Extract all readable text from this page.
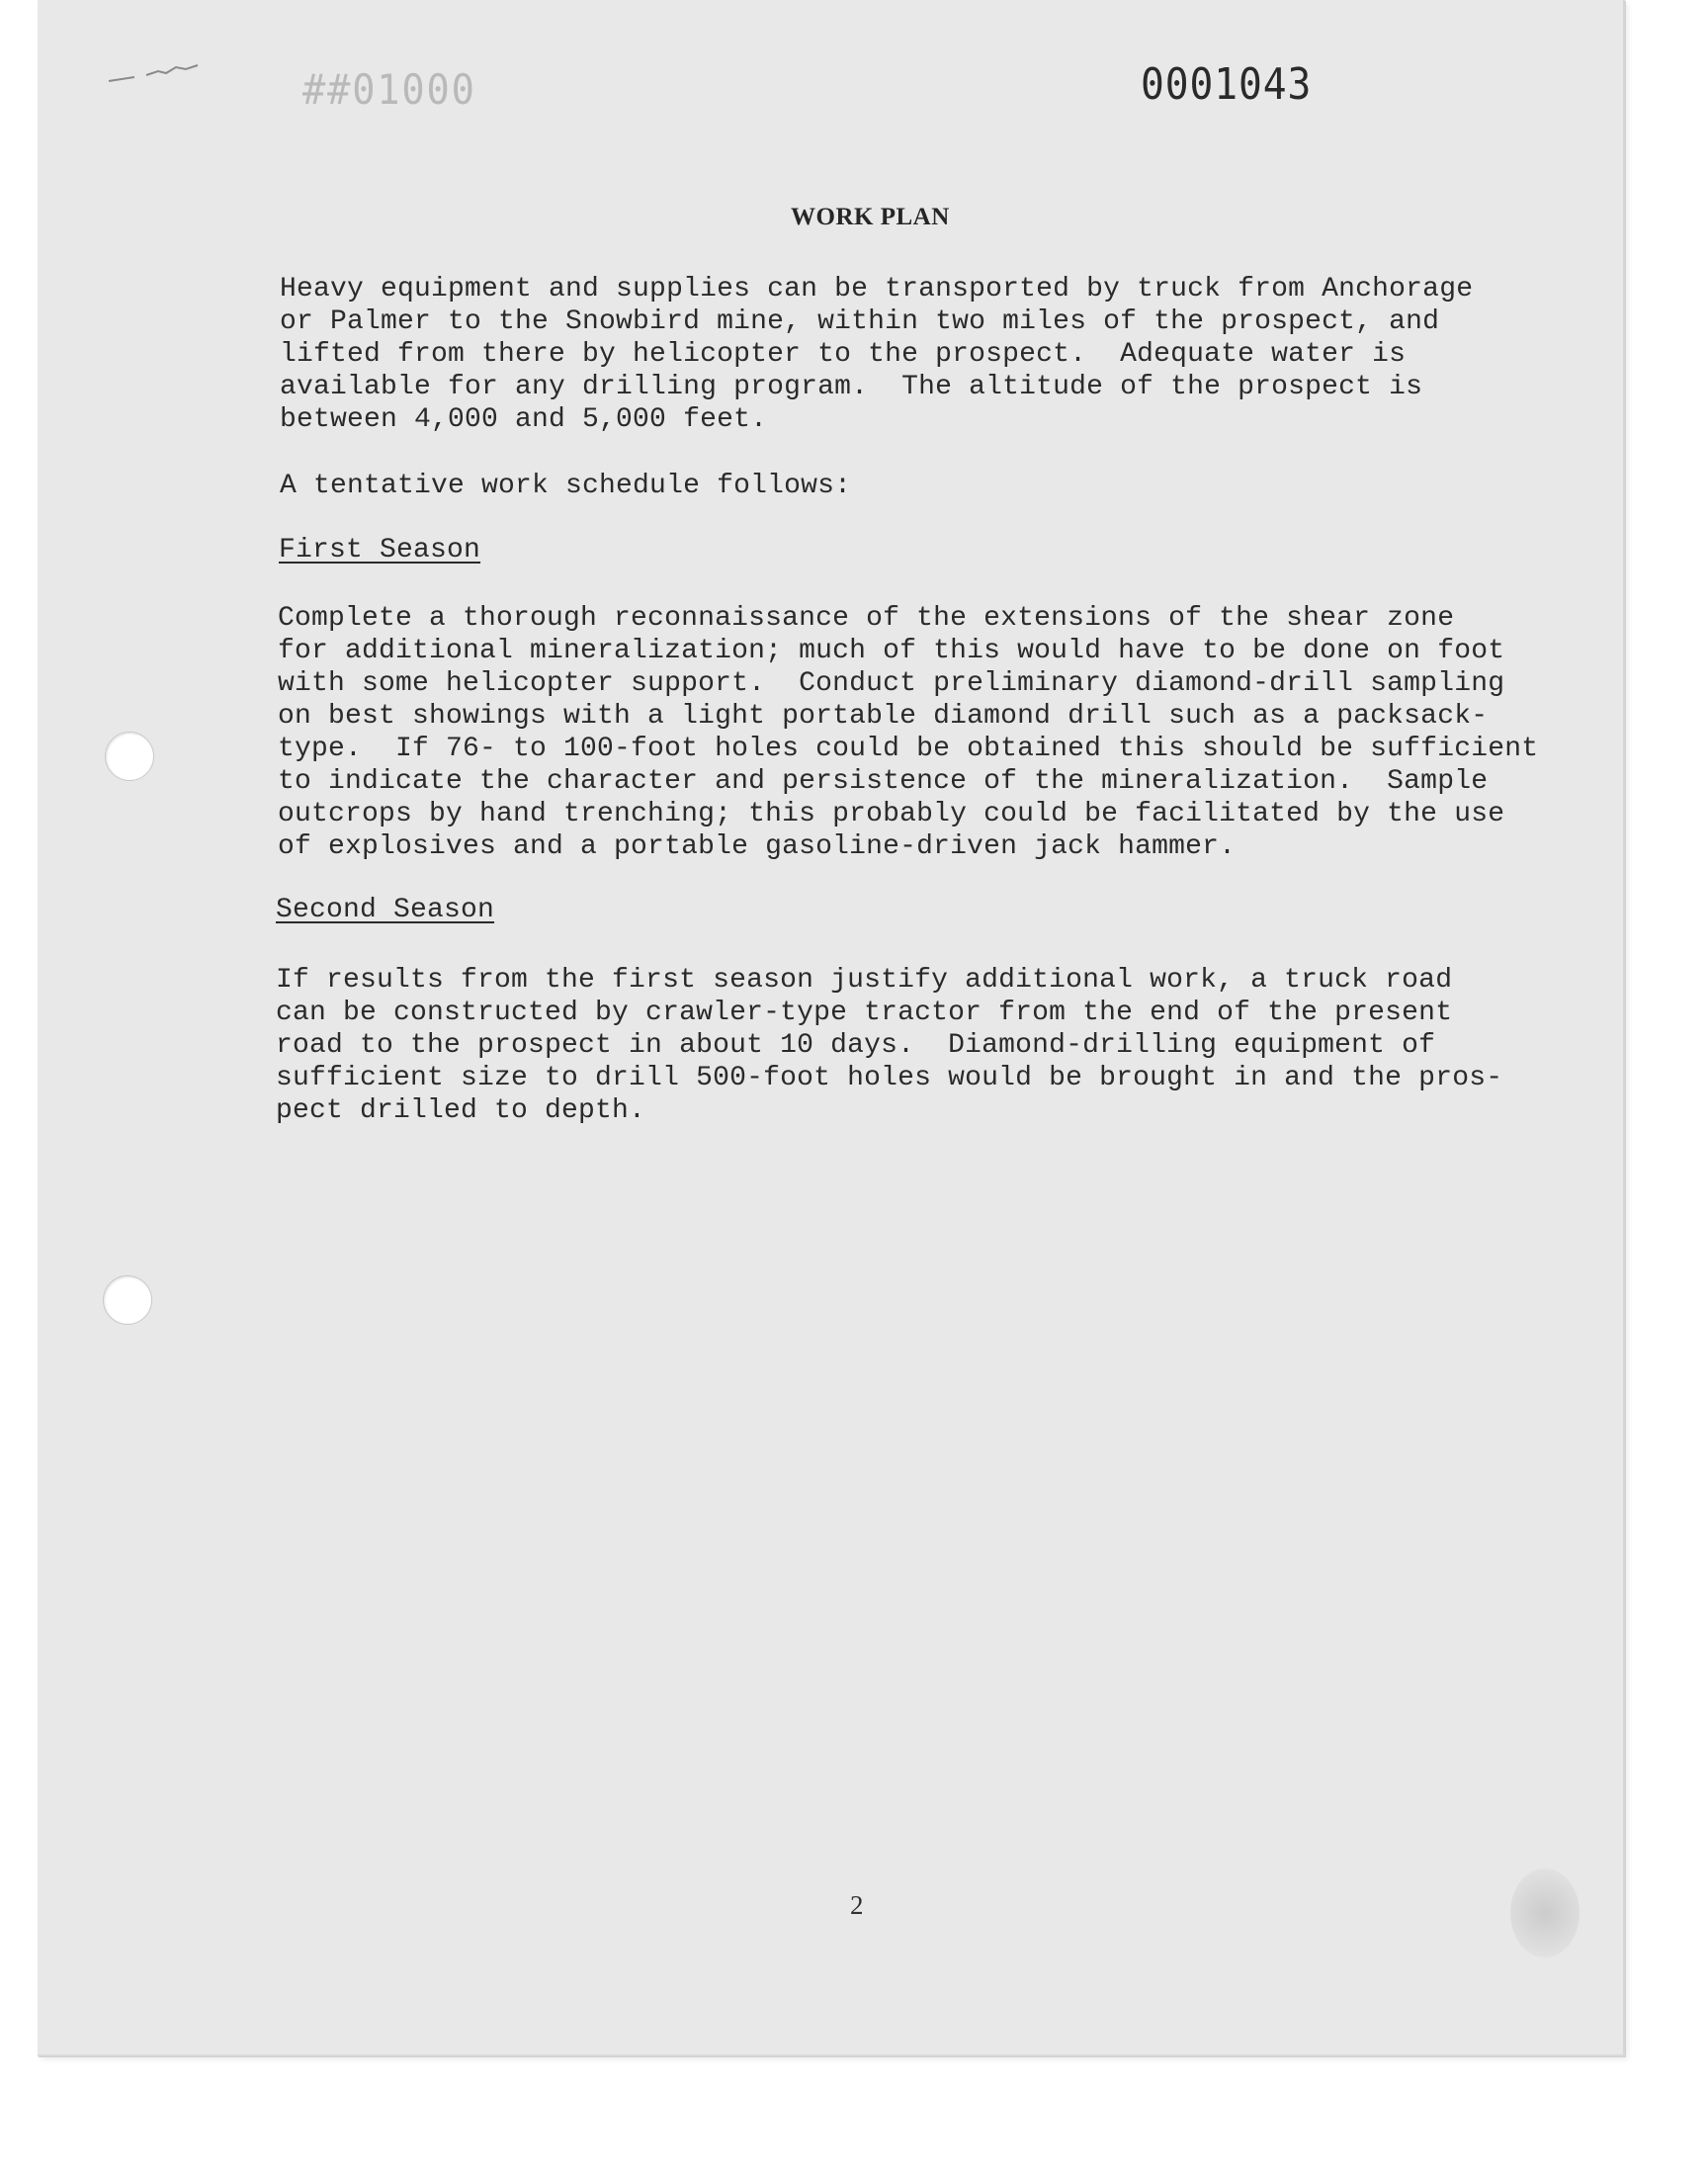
##01000	0001043
WORK PLAN

Heavy equipment and supplies can be transported by truck from Anchorage
or Palmer to the Snowbird mine, within two miles of the prospect, and
lifted from there by helicopter to the prospect.  Adequate water is
available for any drilling program.  The altitude of the prospect is
between 4,000 and 5,000 feet.

A tentative work schedule follows:

First Season

Complete a thorough reconnaissance of the extensions of the shear zone
for additional mineralization; much of this would have to be done on foot
with some helicopter support.  Conduct preliminary diamond-drill sampling
on best showings with a light portable diamond drill such as a packsack-
type.  If 76- to 100-foot holes could be obtained this should be sufficient
to indicate the character and persistence of the mineralization.  Sample
outcrops by hand trenching; this probably could be facilitated by the use
of explosives and a portable gasoline-driven jack hammer.

Second Season

If results from the first season justify additional work, a truck road
can be constructed by crawler-type tractor from the end of the present
road to the prospect in about 10 days.  Diamond-drilling equipment of
sufficient size to drill 500-foot holes would be brought in and the pros-
pect drilled to depth.

2
